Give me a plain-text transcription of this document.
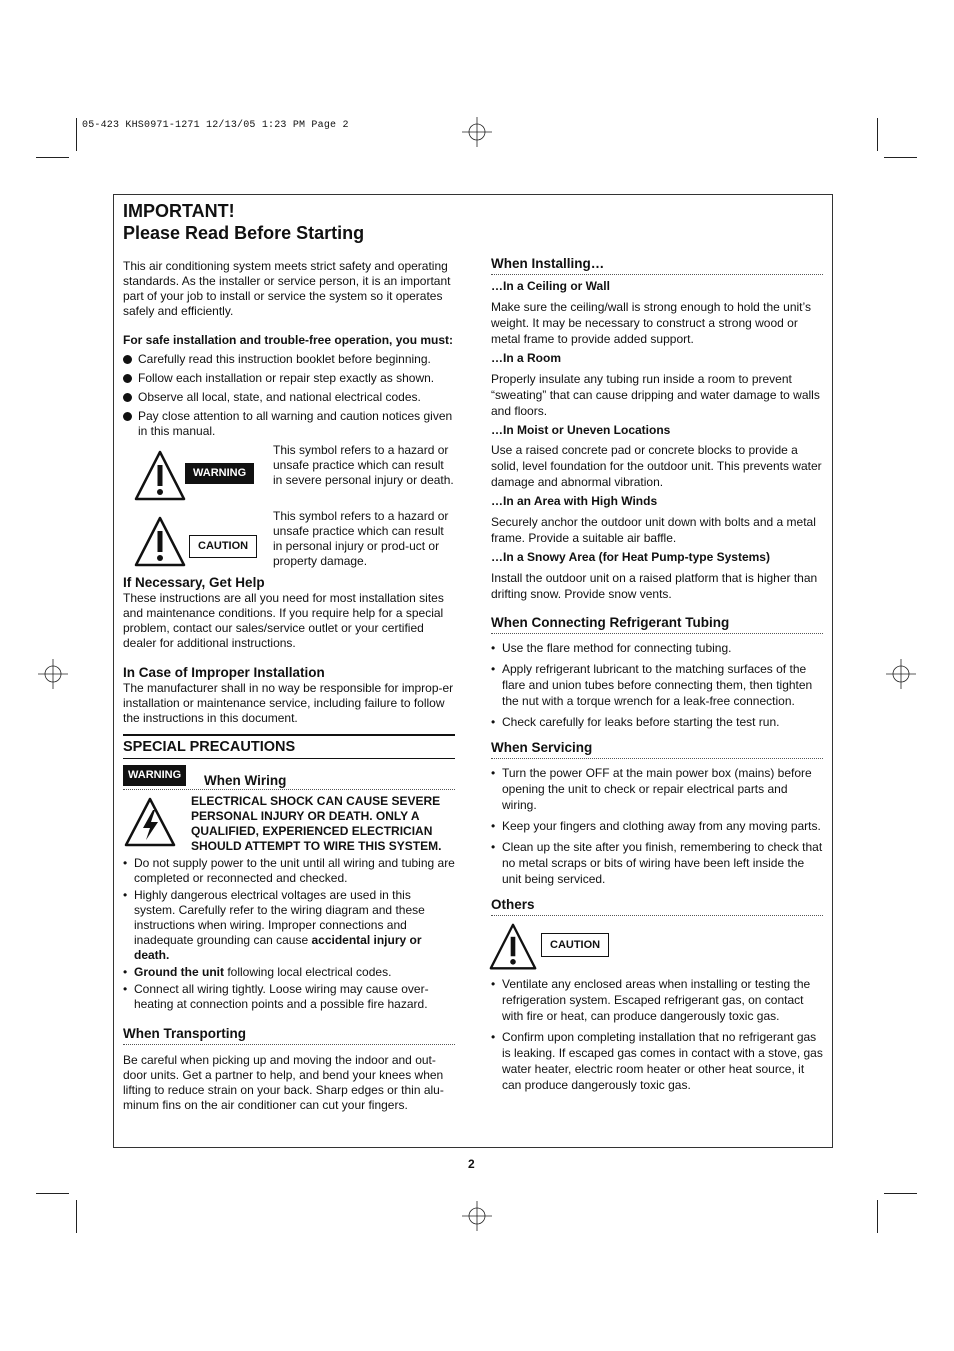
05-423 KHS0971-1271 12/13/05 1:23 PM Page 2
IMPORTANT!
Please Read Before Starting

This air conditioning system meets strict safety and operating standards. As the installer or service person, it is an important part of your job to install or service the system so it operates safely and efficiently.

For safe installation and trouble-free operation, you must:

Carefully read this instruction booklet before beginning.
Follow each installation or repair step exactly as shown.
Observe all local, state, and national electrical codes.
Pay close attention to all warning and caution notices given in this manual.
WARNING

This symbol refers to a hazard or unsafe practice which can result in severe personal injury or death.

CAUTION

This symbol refers to a hazard or unsafe practice which can result in personal injury or prod-uct or property damage.

If Necessary, Get Help

These instructions are all you need for most installation sites and maintenance conditions. If you require help for a special problem, contact our sales/service outlet or your certified dealer for additional instructions.

In Case of Improper Installation

The manufacturer shall in no way be responsible for improp-er installation or maintenance service, including failure to follow the instructions in this document.

SPECIAL PRECAUTIONS
WARNING	When Wiring

ELECTRICAL SHOCK CAN CAUSE SEVERE PERSONAL INJURY OR DEATH. ONLY A QUALIFIED, EXPERIENCED ELECTRICIAN SHOULD ATTEMPT TO WIRE THIS SYSTEM.

• Do not supply power to the unit until all wiring and tubing are completed or reconnected and checked.
• Highly dangerous electrical voltages are used in this system. Carefully refer to the wiring diagram and these instructions when wiring. Improper connections and inadequate grounding can cause accidental injury or death.
• Ground the unit following local electrical codes.
• Connect all wiring tightly. Loose wiring may cause over-heating at connection points and a possible fire hazard.

When Transporting

Be careful when picking up and moving the indoor and out-door units. Get a partner to help, and bend your knees when lifting to reduce strain on your back. Sharp edges or thin alu-minum fins on the air conditioner can cut your fingers.

When Installing…

…In a Ceiling or Wall

Make sure the ceiling/wall is strong enough to hold the unit’s weight. It may be necessary to construct a strong wood or metal frame to provide added support.

…In a Room

Properly insulate any tubing run inside a room to prevent “sweating” that can cause dripping and water damage to walls and floors.

…In Moist or Uneven Locations

Use a raised concrete pad or concrete blocks to provide a solid, level foundation for the outdoor unit. This prevents water damage and abnormal vibration.

…In an Area with High Winds

Securely anchor the outdoor unit down with bolts and a metal frame. Provide a suitable air baffle.

…In a Snowy Area (for Heat Pump-type Systems)

Install the outdoor unit on a raised platform that is higher than drifting snow. Provide snow vents.

When Connecting Refrigerant Tubing

• Use the flare method for connecting tubing.
• Apply refrigerant lubricant to the matching surfaces of the flare and union tubes before connecting them, then tighten the nut with a torque wrench for a leak-free connection.
• Check carefully for leaks before starting the test run.

When Servicing

• Turn the power OFF at the main power box (mains) before opening the unit to check or repair electrical parts and wiring.
• Keep your fingers and clothing away from any moving parts.
• Clean up the site after you finish, remembering to check that no metal scraps or bits of wiring have been left inside the unit being serviced.

Others

CAUTION
• Ventilate any enclosed areas when installing or testing the refrigeration system. Escaped refrigerant gas, on contact with fire or heat, can produce dangerously toxic gas.
• Confirm upon completing installation that no refrigerant gas is leaking. If escaped gas comes in contact with a stove, gas water heater, electric room heater or other heat source, it can produce dangerously toxic gas.
2
